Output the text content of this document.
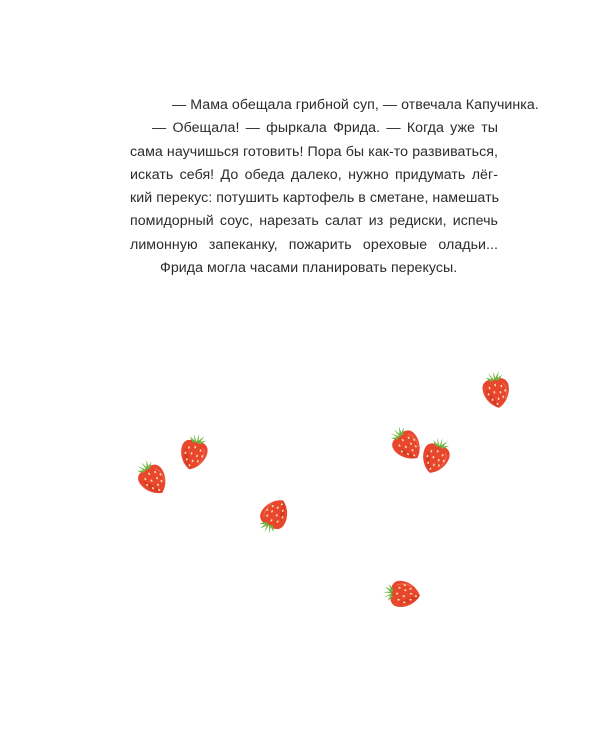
— Мама обещала грибной суп, — отвечала Капучинка.
— Обещала! — фыркала Фрида. — Когда уже ты
сама научишься готовить! Пора бы как-то развиваться,
искать себя! До обеда далеко, нужно придумать лёг-
кий перекус: потушить картофель в сметане, намешать
помидорный соус, нарезать салат из редиски, испечь
лимонную запеканку, пожарить ореховые оладьи...
Фрида могла часами планировать перекусы.
